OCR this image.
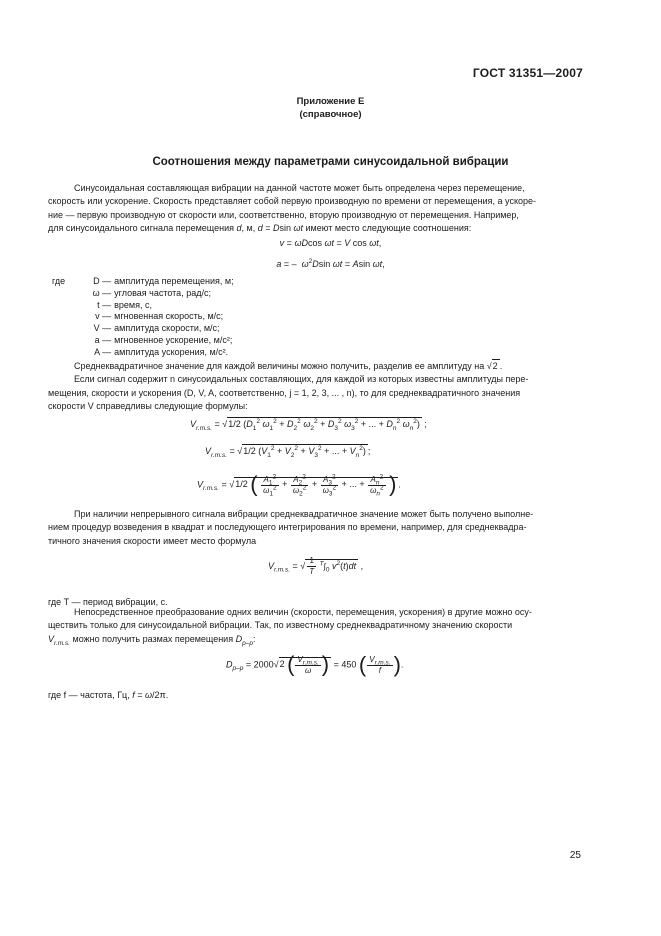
ГОСТ 31351—2007
Приложение Е
(справочное)
Соотношения между параметрами синусоидальной вибрации
Синусоидальная составляющая вибрации на данной частоте может быть определена через перемещение,
скорость или ускорение. Скорость представляет собой первую производную по времени от перемещения, а ускоре-
ние — первую производную от скорости или, соответственно, вторую производную от перемещения. Например,
для синусоидального сигнала перемещения d, м, d = Dsin ωt имеют место следующие соотношения:
v = ωDcos ωt = V cos ωt,
a = –  $\omega^2Dsin$ ωt = Asin ωt,
где	D —	амплитуда перемещения, м;
	ω —	угловая частота, рад/с;
	t —	время, с,
	v —	мгновенная скорость, м/с;
	V —	амплитуда скорости, м/с;
	a —	мгновенное ускорение, м/с²;
	A —	амплитуда ускорения, м/с².
Среднеквадратичное значение для каждой величины можно получить, разделив ее амплитуду на √2 .
Если сигнал содержит n синусоидальных составляющих, для каждой из которых известны амплитуды пере-
мещения, скорости и ускорения (D, V, A, соответственно, j = 1, 2, 3, ... , n), то для среднеквадратичного значения
скорости V справедливы следующие формулы:
$V_{r.m.s.} = √1/2$ ($D_1^2$ $\omega_1^2 + D_2^2$ $\omega_2^2 + D_3^2$ $\omega_3^2$ + ... + $D_n^2$ $\omega_n^2$) ;
$V_{r.m.s.} = √1/2$ ($V_1^2 + V_2^2 + V_3^2$ + ... + $V_n^2$) ;
$V_{r.m.s.} = √1/2$ ( $\frac{A_1^2}{\omega_1^2} + \frac{A_2^2}{\omega_2^2} + \frac{A_3^2}{\omega_3^2}$ + ... + $\frac{A_n^2}{\omega_n^2}$ ) .
При наличии непрерывного сигнала вибрации среднеквадратичное значение может быть получено выполне-
нием процедур возведения в квадрат и последующего интегрирования по времени, например, для среднеквадра-
тичного значения скорости имеет место формула
$V_{r.m.s.}$ = √ $\frac{1}{T} ^T\int_0$ $v^2(t)dt$ ,
где T — период вибрации, с.
Непосредственное преобразование одних величин (скорости, перемещения, ускорения) в другие можно осу-
ществить только для синусоидальной вибрации. Так, по известному среднеквадратичному значению скорости
$V_{r.m.s.}$ можно получить размах перемещения $D_{p-p}$:
$D_{p-p} = 2000√2$ ( $\frac{V_{r.m.s.}}{\omega}$ ) = 450 ( $\frac{V_{r.m.s.}}{f}$ ).
где f — частота, Гц, f = ω/2π.
25
